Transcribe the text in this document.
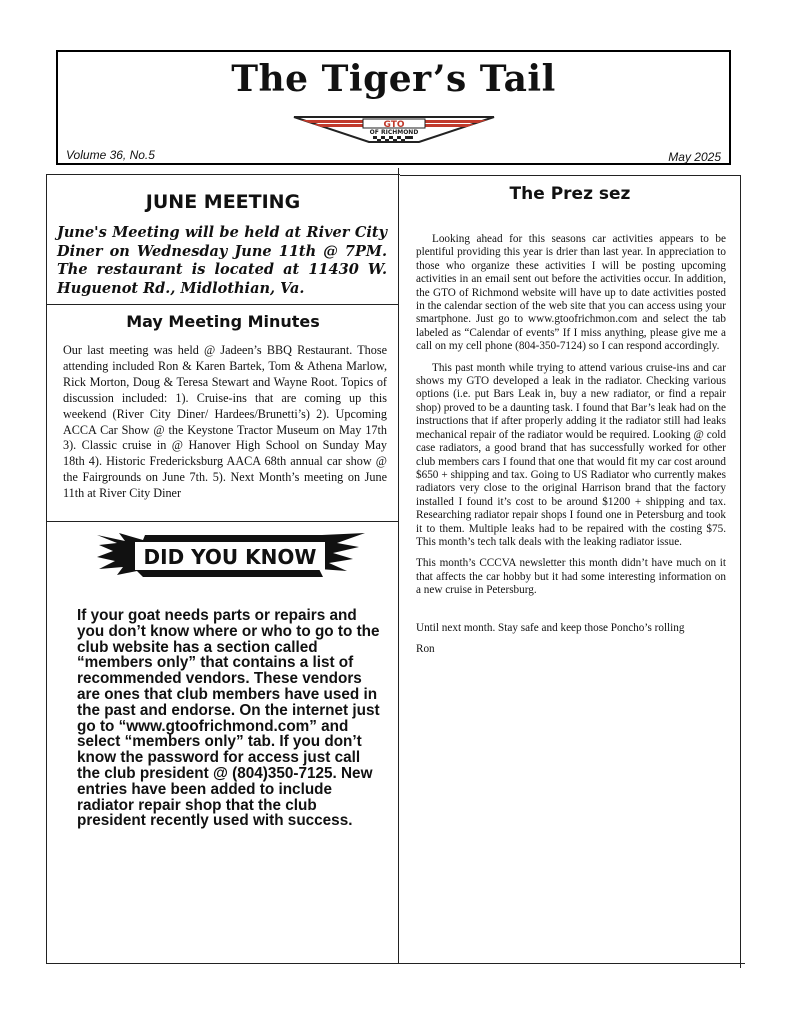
The Tiger’s Tail
GTO
OF RICHMOND
Volume 36, No.5	May 2025
JUNE MEETING
June's Meeting will be held at River City Diner on Wednesday June 11th @ 7PM. The restaurant is located at 11430 W. Huguenot Rd., Midlothian, Va.
May Meeting Minutes
Our last meeting was held @ Jadeen’s BBQ Restaurant. Those attending included Ron & Karen Bartek, Tom & Athena Marlow, Rick Morton, Doug & Teresa Stewart and Wayne Root. Topics of discussion included: 1). Cruise-ins that are coming up this weekend (River City Diner/ Hardees/Brunetti’s) 2). Upcoming ACCA Car Show @ the Keystone Tractor Museum on May 17th 3). Classic cruise in @ Hanover High School on Sunday May 18th 4). Historic Fredericksburg AACA 68th annual car show @ the Fairgrounds on June 7th. 5). Next Month’s meeting on June 11th at River City Diner
DID YOU KNOW
If your goat needs parts or repairs and you don’t know where or who to go to the club website has a section called “members only” that contains a list of recommended vendors. These vendors are ones that club members have used in the past and endorse. On the internet just go to “www.gtoofrichmond.com” and select “members only” tab. If you don’t know the password for access just call the club president @ (804)350-7125. New entries have been added to include radiator repair shop that the club president recently used with success.
The Prez sez

Looking ahead for this seasons car activities appears to be plentiful providing this year is drier than last year. In appreciation to those who organize these activities I will be posting upcoming activities in an email sent out before the activities occur. In addition, the GTO of Richmond website will have up to date activities posted in the calendar section of the web site that you can access using your smartphone. Just go to www.gtoofrichmon.com and select the tab labeled as “Calendar of events” If I miss anything, please give me a call on my cell phone (804-350-7124) so I can respond accordingly.

This past month while trying to attend various cruise-ins and car shows my GTO developed a leak in the radiator. Checking various options (i.e. put Bars Leak in, buy a new radiator, or find a repair shop) proved to be a daunting task. I found that Bar’s leak had on the instructions that if after properly adding it the radiator still had leaks mechanical repair of the radiator would be required. Looking @ cold case radiators, a good brand that has successfully worked for other club members cars I found that one that would fit my car cost around $650 + shipping and tax. Going to US Radiator who currently makes radiators very close to the original Harrison brand that the factory installed I found it’s cost to be around $1200 + shipping and tax. Researching radiator repair shops I found one in Petersburg and took it to them. Multiple leaks had to be repaired with the costing $75. This month’s tech talk deals with the leaking radiator issue.

This month’s CCCVA newsletter this month didn’t have much on it that affects the car hobby but it had some interesting information on a new cruise in Petersburg.

Until next month. Stay safe and keep those Poncho’s rolling

Ron
